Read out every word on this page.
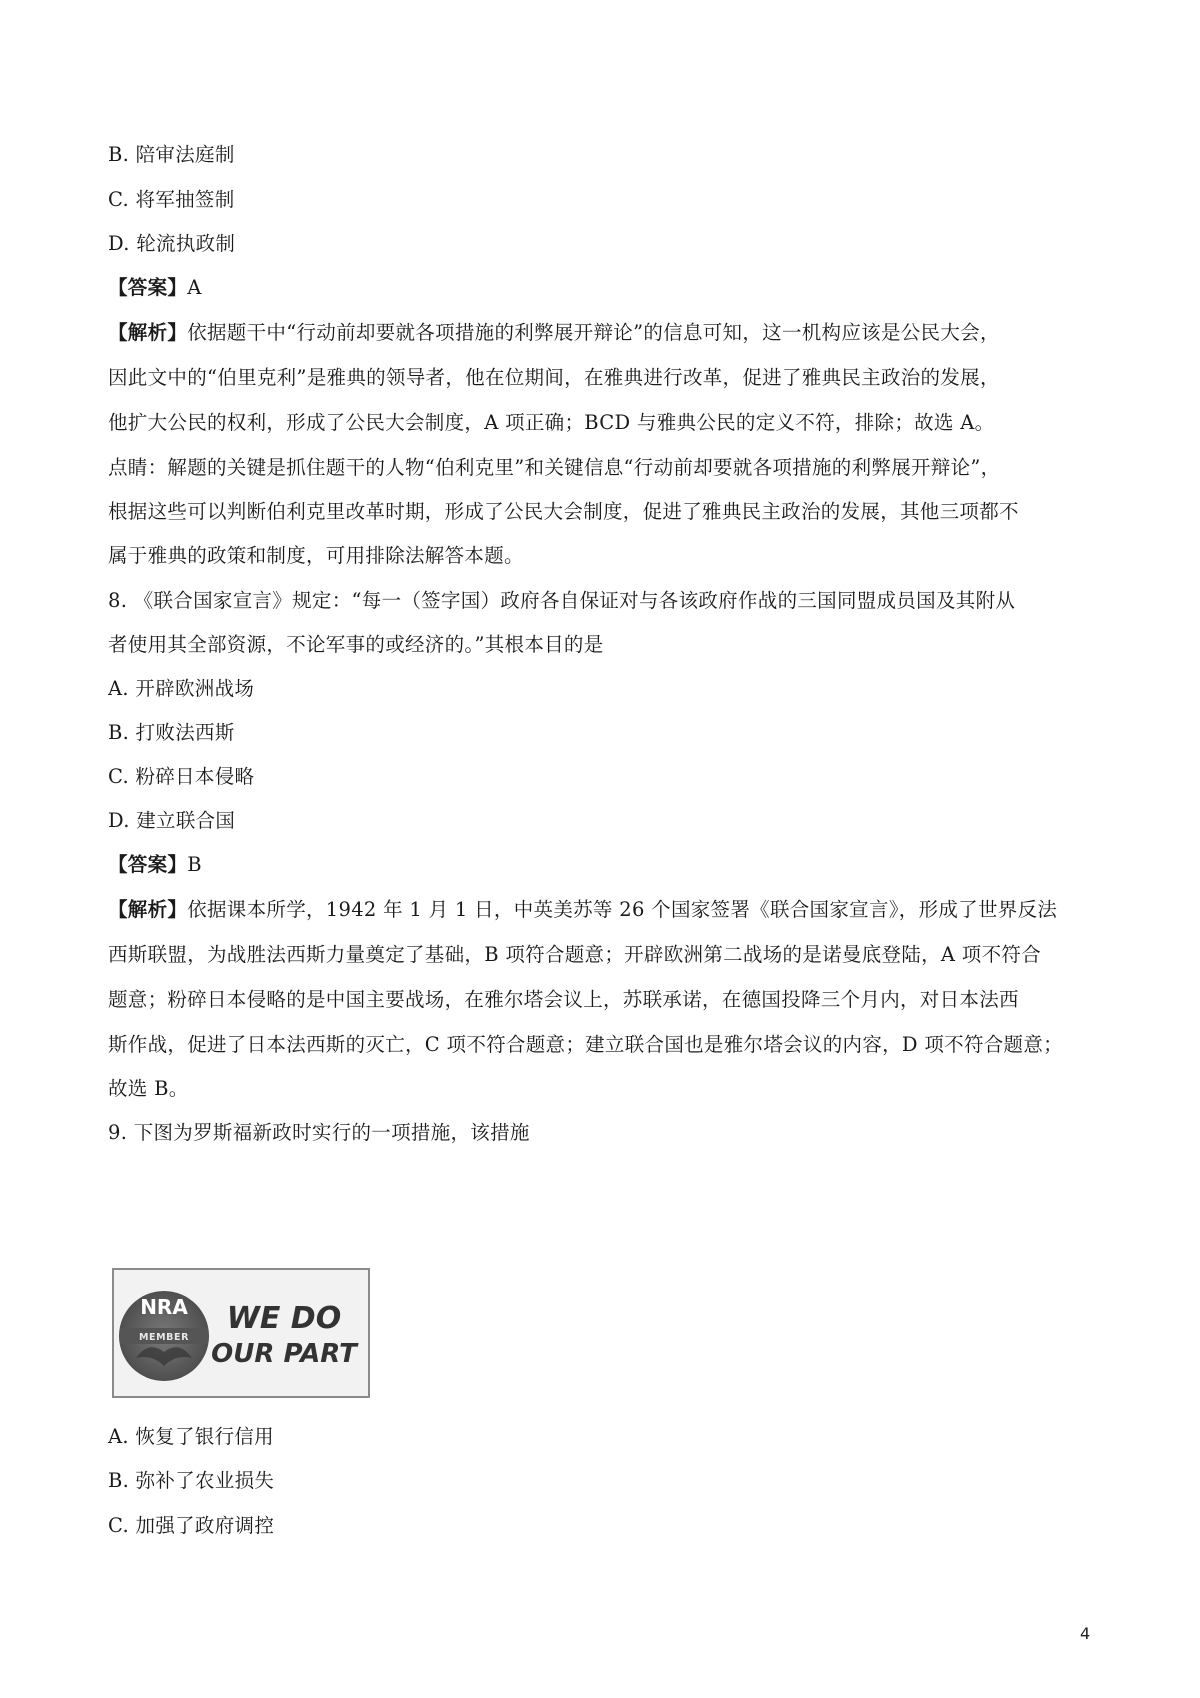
B. 陪审法庭制
C. 将军抽签制
D. 轮流执政制
【答案】A
【解析】依据题干中“行动前却要就各项措施的利弊展开辩论”的信息可知，这一机构应该是公民大会，
因此文中的“伯里克利”是雅典的领导者，他在位期间，在雅典进行改革，促进了雅典民主政治的发展，
他扩大公民的权利，形成了公民大会制度，A 项正确；BCD 与雅典公民的定义不符，排除；故选 A。
点睛：解题的关键是抓住题干的人物“伯利克里”和关键信息“行动前却要就各项措施的利弊展开辩论”，
根据这些可以判断伯利克里改革时期，形成了公民大会制度，促进了雅典民主政治的发展，其他三项都不
属于雅典的政策和制度，可用排除法解答本题。
8. 《联合国家宣言》规定：“每一（签字国）政府各自保证对与各该政府作战的三国同盟成员国及其附从
者使用其全部资源，不论军事的或经济的。”其根本目的是
A. 开辟欧洲战场
B. 打败法西斯
C. 粉碎日本侵略
D. 建立联合国
【答案】B
【解析】依据课本所学，1942 年 1 月 1 日，中英美苏等 26 个国家签署《联合国家宣言》，形成了世界反法
西斯联盟，为战胜法西斯力量奠定了基础，B 项符合题意；开辟欧洲第二战场的是诺曼底登陆，A 项不符合
题意；粉碎日本侵略的是中国主要战场，在雅尔塔会议上，苏联承诺，在德国投降三个月内，对日本法西
斯作战，促进了日本法西斯的灭亡，C 项不符合题意；建立联合国也是雅尔塔会议的内容，D 项不符合题意；
故选 B。
9. 下图为罗斯福新政时实行的一项措施，该措施
NRA
MEMBER
WE DO
OUR PART
A. 恢复了银行信用
B. 弥补了农业损失
C. 加强了政府调控
4
